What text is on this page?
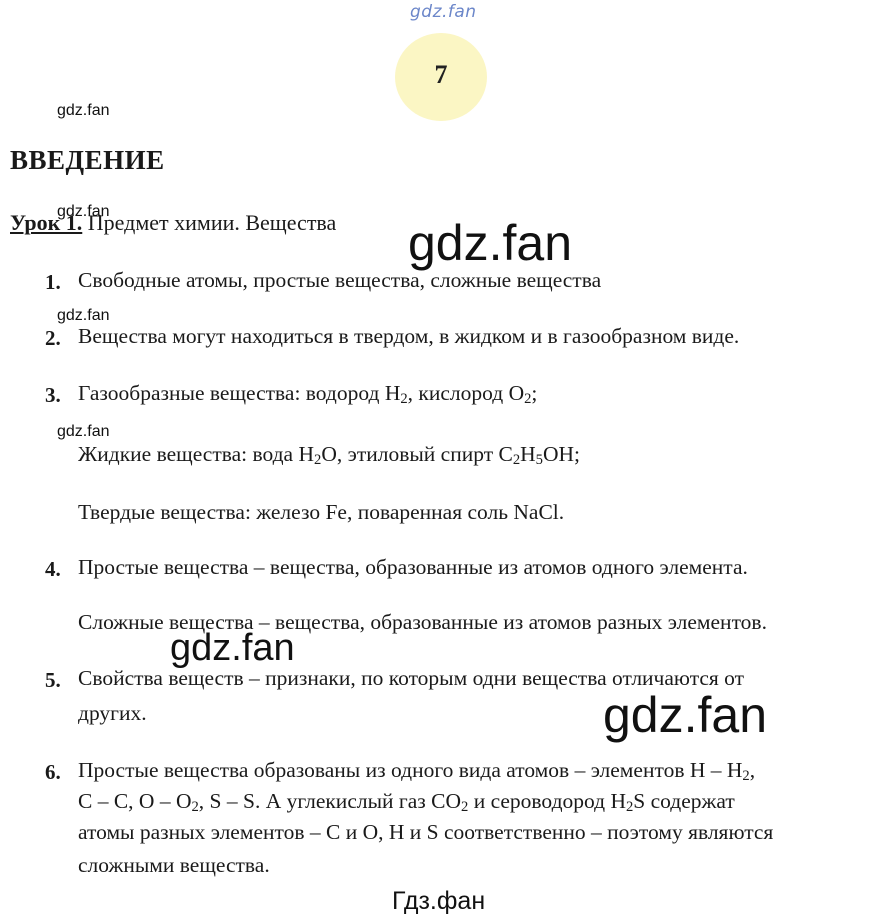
gdz.fan
7
gdz.fan
gdz.fan
gdz.fan
gdz.fan
ВВЕДЕНИЕ
Урок 1. Предмет химии. Вещества gdz.fan
1. Свободные атомы, простые вещества, сложные вещества
2. Вещества могут находиться в твердом, в жидком и в газообразном виде.
3. Газообразные вещества: водород $H_2$, кислород $O_2$;
Жидкие вещества: вода $H_2O$, этиловый спирт $C_2H_5OH$;
Твердые вещества: железо Fe, поваренная соль NaCl.
4. Простые вещества – вещества, образованные из атомов одного элемента.
Сложные вещества – вещества, образованные из атомов разных элементов.
gdz.fan
5. Свойства веществ – признаки, по которым одни вещества отличаются от
других.	gdz.fan
6. Простые вещества образованы из одного вида атомов – элементов H – $H_2$,
C – C, O – $O_2$, S – S. А углекислый газ $CO_2$ и сероводород $H_2S$ содержат
атомы разных элементов – C и O, H и S соответственно – поэтому являются
сложными вещества.
Гдз.фан
